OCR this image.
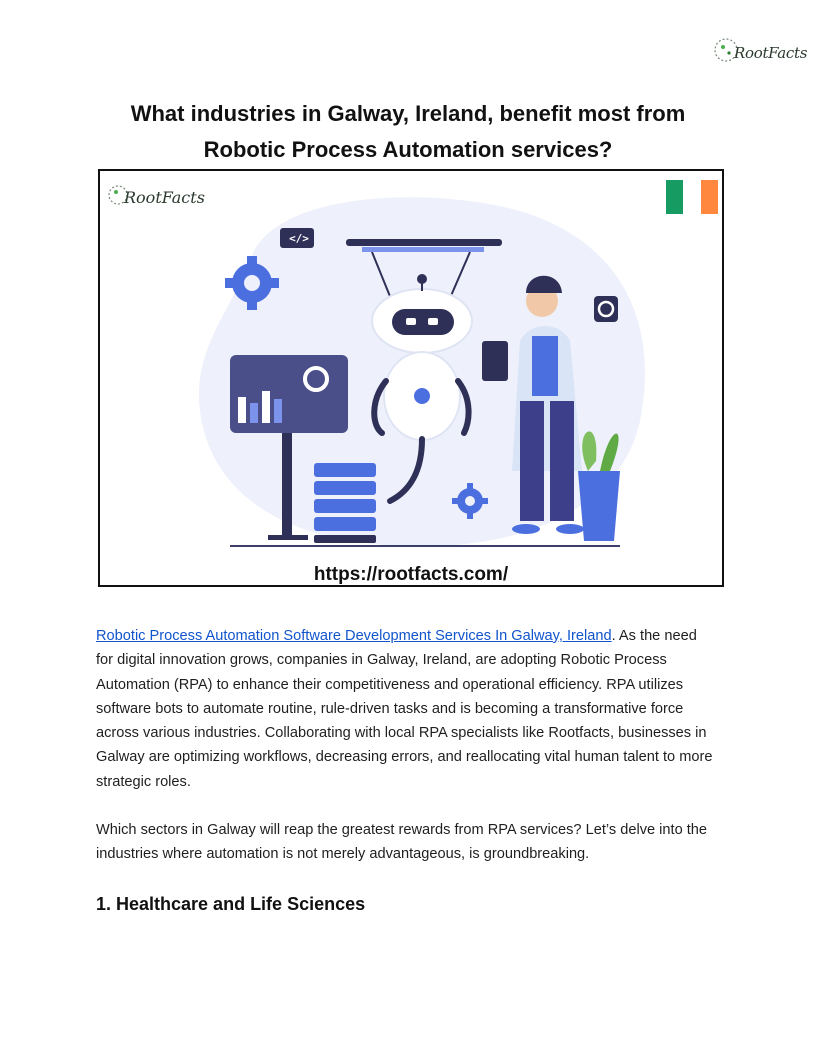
RootFacts
What industries in Galway, Ireland, benefit most from Robotic Process Automation services?
RootFacts
</>
https://rootfacts.com/

Robotic Process Automation Software Development Services In Galway, Ireland. As the need for digital innovation grows, companies in Galway, Ireland, are adopting Robotic Process Automation (RPA) to enhance their competitiveness and operational efficiency. RPA utilizes software bots to automate routine, rule-driven tasks and is becoming a transformative force across various industries. Collaborating with local RPA specialists like Rootfacts, businesses in Galway are optimizing workflows, decreasing errors, and reallocating vital human talent to more strategic roles.

Which sectors in Galway will reap the greatest rewards from RPA services? Let’s delve into the industries where automation is not merely advantageous, is groundbreaking.

1. Healthcare and Life Sciences
